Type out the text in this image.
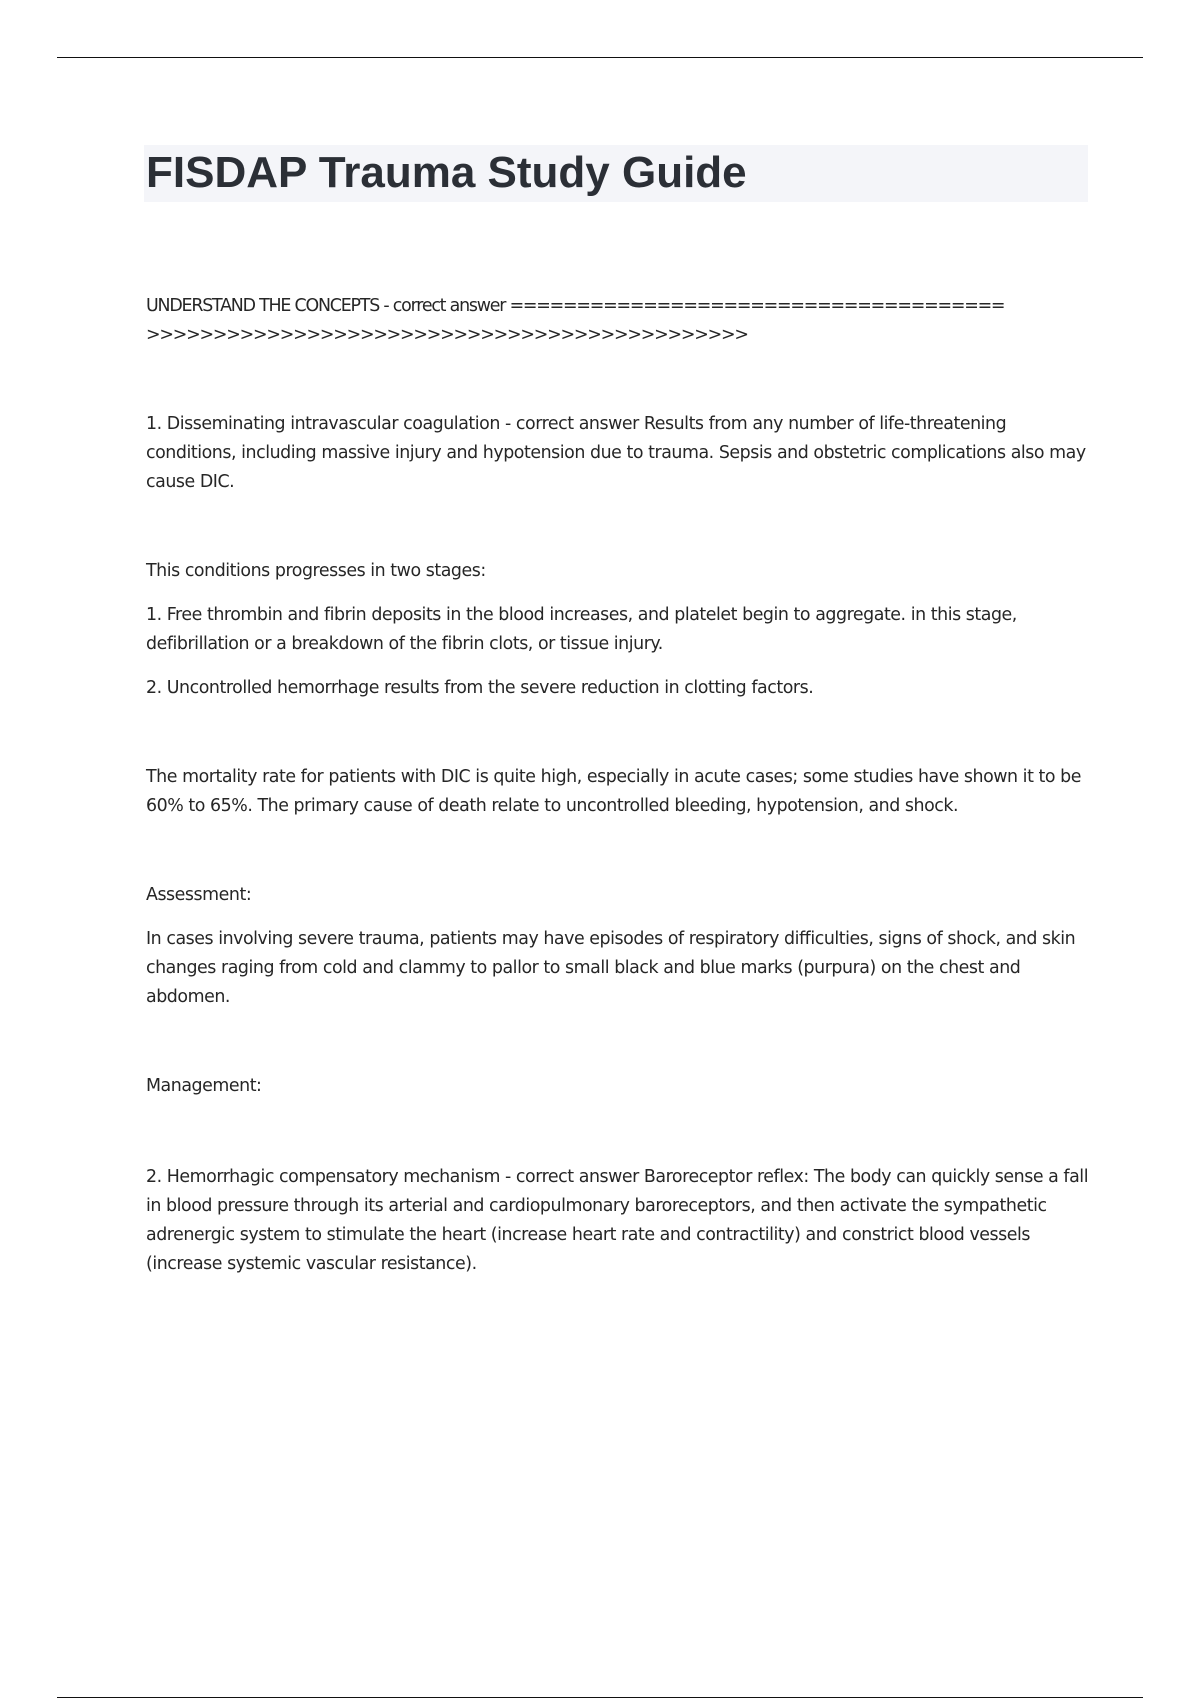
FISDAP Trauma Study Guide

UNDERSTAND THE CONCEPTS - correct answer =====================================

>>>>>>>>>>>>>>>>>>>>>>>>>>>>>>>>>>>>>>>>>>>>>

1. Disseminating intravascular coagulation - correct answer Results from any number of life-threatening conditions, including massive injury and hypotension due to trauma. Sepsis and obstetric complications also may cause DIC.

This conditions progresses in two stages:

1. Free thrombin and fibrin deposits in the blood increases, and platelet begin to aggregate. in this stage, defibrillation or a breakdown of the fibrin clots, or tissue injury.

2. Uncontrolled hemorrhage results from the severe reduction in clotting factors.

The mortality rate for patients with DIC is quite high, especially in acute cases; some studies have shown it to be 60% to 65%. The primary cause of death relate to uncontrolled bleeding, hypotension, and shock.

Assessment:

In cases involving severe trauma, patients may have episodes of respiratory difficulties, signs of shock, and skin changes raging from cold and clammy to pallor to small black and blue marks (purpura) on the chest and abdomen.

Management:

2. Hemorrhagic compensatory mechanism - correct answer Baroreceptor reflex: The body can quickly sense a fall in blood pressure through its arterial and cardiopulmonary baroreceptors, and then activate the sympathetic adrenergic system to stimulate the heart (increase heart rate and contractility) and constrict blood vessels (increase systemic vascular resistance).
